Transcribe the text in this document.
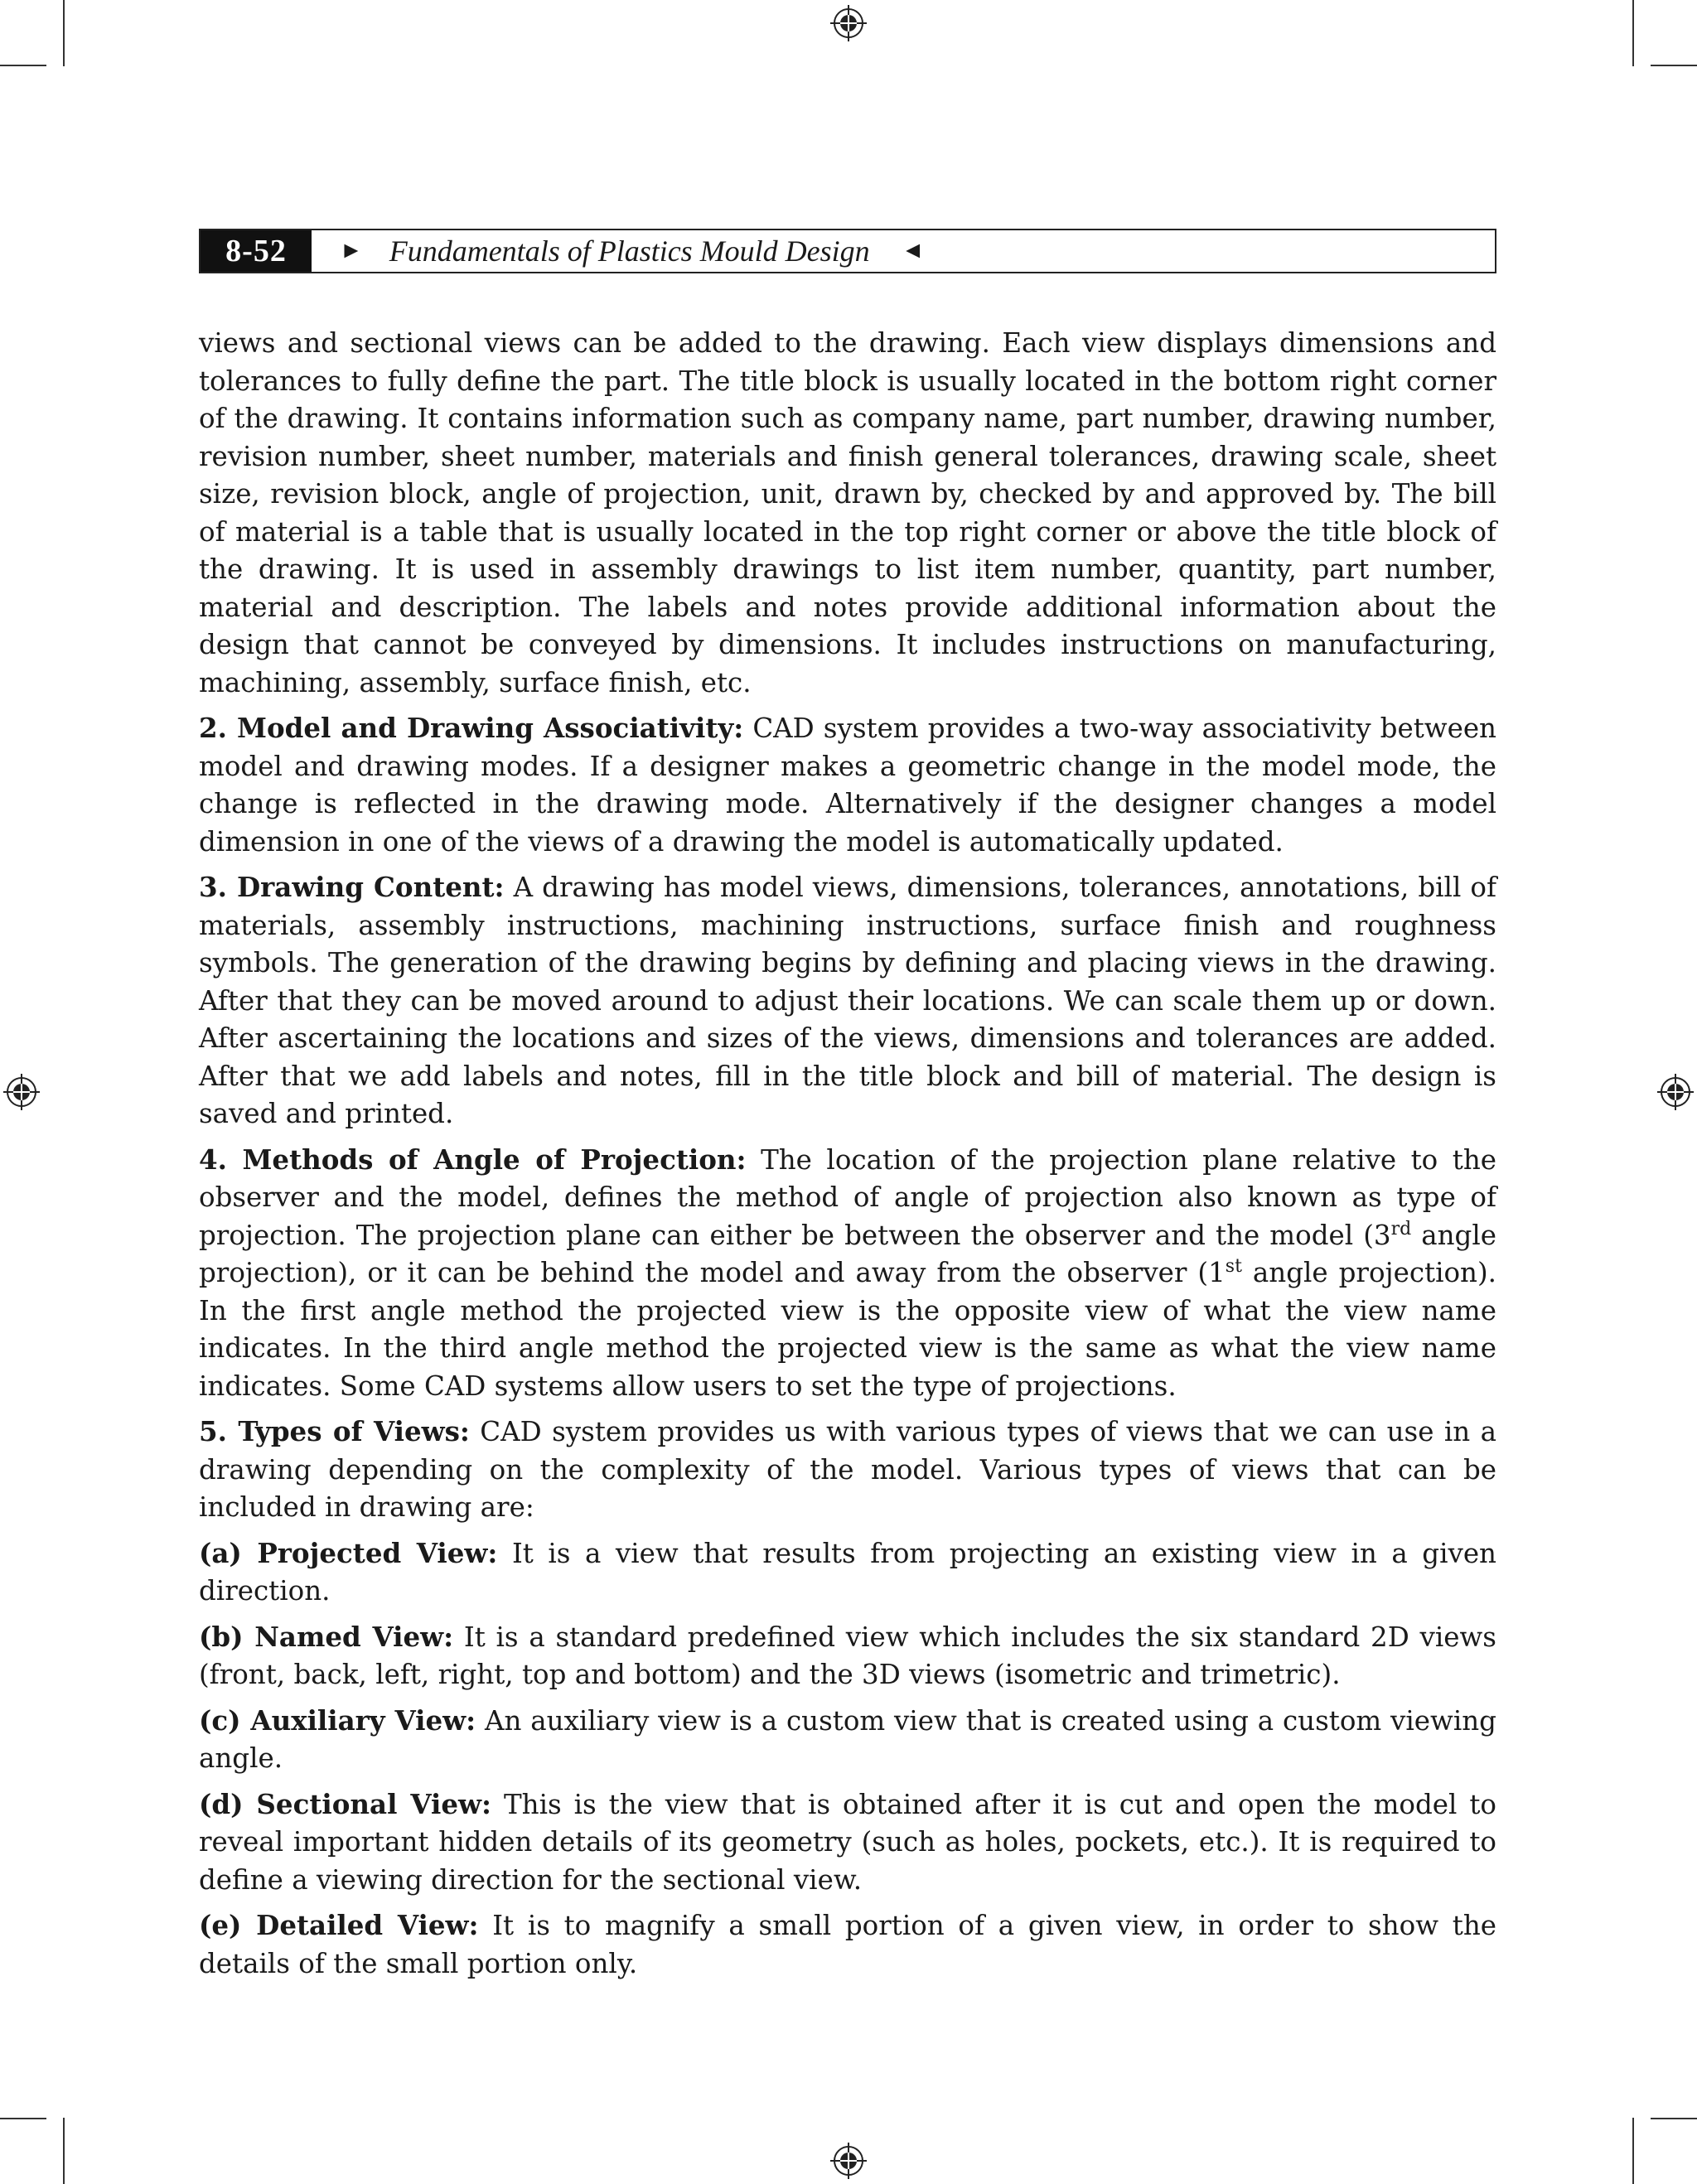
8-52	► Fundamentals of Plastics Mould Design ◄

views and sectional views can be added to the drawing. Each view displays dimensions and tolerances to fully define the part. The title block is usually located in the bottom right corner of the drawing. It contains information such as company name, part number, drawing number, revision number, sheet number, materials and finish general tolerances, drawing scale, sheet size, revision block, angle of projection, unit, drawn by, checked by and approved by. The bill of material is a table that is usually located in the top right corner or above the title block of the drawing. It is used in assembly drawings to list item number, quantity, part number, material and description. The labels and notes provide additional information about the design that cannot be conveyed by dimensions. It includes instructions on manufacturing, machining, assembly, surface finish, etc.

2. Model and Drawing Associativity: CAD system provides a two-way associativity between model and drawing modes. If a designer makes a geometric change in the model mode, the change is reflected in the drawing mode. Alternatively if the designer changes a model dimension in one of the views of a drawing the model is automatically updated.

3. Drawing Content: A drawing has model views, dimensions, tolerances, annotations, bill of materials, assembly instructions, machining instructions, surface finish and roughness symbols. The generation of the drawing begins by defining and placing views in the drawing. After that they can be moved around to adjust their locations. We can scale them up or down. After ascertaining the locations and sizes of the views, dimensions and tolerances are added. After that we add labels and notes, fill in the title block and bill of material. The design is saved and printed.

4. Methods of Angle of Projection: The location of the projection plane relative to the observer and the model, defines the method of angle of projection also known as type of projection. The projection plane can either be between the observer and the model (3rd angle projection), or it can be behind the model and away from the observer (1st angle projection). In the first angle method the projected view is the opposite view of what the view name indicates. In the third angle method the projected view is the same as what the view name indicates. Some CAD systems allow users to set the type of projections.

5. Types of Views: CAD system provides us with various types of views that we can use in a drawing depending on the complexity of the model. Various types of views that can be included in drawing are:

(a) Projected View: It is a view that results from projecting an existing view in a given direction.

(b) Named View: It is a standard predefined view which includes the six standard 2D views (front, back, left, right, top and bottom) and the 3D views (isometric and trimetric).

(c) Auxiliary View: An auxiliary view is a custom view that is created using a custom viewing angle.

(d) Sectional View: This is the view that is obtained after it is cut and open the model to reveal important hidden details of its geometry (such as holes, pockets, etc.). It is required to define a viewing direction for the sectional view.

(e) Detailed View: It is to magnify a small portion of a given view, in order to show the details of the small portion only.
